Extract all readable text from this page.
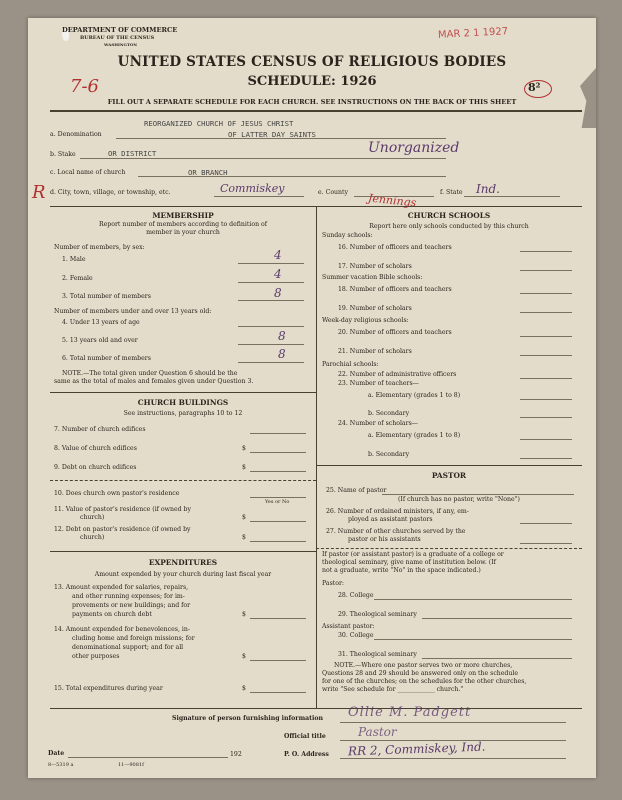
DEPARTMENT OF COMMERCE
BUREAU OF THE CENSUS
WASHINGTON
MAR 2 1 1927
UNITED STATES CENSUS OF RELIGIOUS BODIES
SCHEDULE: 1926
7-6	8²
FILL OUT A SEPARATE SCHEDULE FOR EACH CHURCH. SEE INSTRUCTIONS ON THE BACK OF THIS SHEET
a. Denomination
REORGANIZED CHURCH OF JESUS CHRIST
OF LATTER DAY SAINTS
b. Stake	OR DISTRICT	Unorganized
c. Local name of church	OR BRANCH
R d. City, town, village, or township, etc.	Commiskey	e. County Jennings	f. State Ind.
MEMBERSHIP
Report number of members according to definition of
member in your church
Number of members, by sex:
1. Male	4
2. Female	4
3. Total number of members	8
Number of members under and over 13 years old:
4. Under 13 years of age
5. 13 years old and over	8
6. Total number of members	8
NOTE.—The total given under Question 6 should be the
same as the total of males and females given under Question 3.
CHURCH BUILDINGS
See instructions, paragraphs 10 to 12
7. Number of church edifices
8. Value of church edifices	$
9. Debt on church edifices	$
10. Does church own pastor's residence
Yes or No
11. Value of pastor's residence (if owned by
church)	$
12. Debt on pastor's residence (if owned by
church)	$
EXPENDITURES
Amount expended by your church during last fiscal year
13. Amount expended for salaries, repairs,
and other running expenses; for im-
provements or new buildings; and for
payments on church debt	$
14. Amount expended for benevolences, in-
cluding home and foreign missions; for
denominational support; and for all
other purposes	$
15. Total expenditures during year	$
CHURCH SCHOOLS
Report here only schools conducted by this church
Sunday schools:
16. Number of officers and teachers
17. Number of scholars
Summer vacation Bible schools:
18. Number of officers and teachers
19. Number of scholars
Week-day religious schools:
20. Number of officers and teachers
21. Number of scholars
Parochial schools:
22. Number of administrative officers
23. Number of teachers—
a. Elementary (grades 1 to 8)
b. Secondary
24. Number of scholars—
a. Elementary (grades 1 to 8)
b. Secondary
PASTOR
25. Name of pastor
(If church has no pastor, write "None")
26. Number of ordained ministers, if any, em-
ployed as assistant pastors
27. Number of other churches served by the
pastor or his assistants
If pastor (or assistant pastor) is a graduate of a college or
theological seminary, give name of institution below. (If
not a graduate, write "No" in the space indicated.)
Pastor:
28. College
29. Theological seminary
Assistant pastor:
30. College
31. Theological seminary
NOTE.—Where one pastor serves two or more churches,
Questions 28 and 29 should be answered only on the schedule
for one of the churches; on the schedules for the other churches,
write "See schedule for ____________ church."
Signature of person furnishing information Ollie M. Padgett
Official title	Pastor
Date	192	P. O. Address RR 2, Commiskey, Ind.
8—5319 a	11—9081f
